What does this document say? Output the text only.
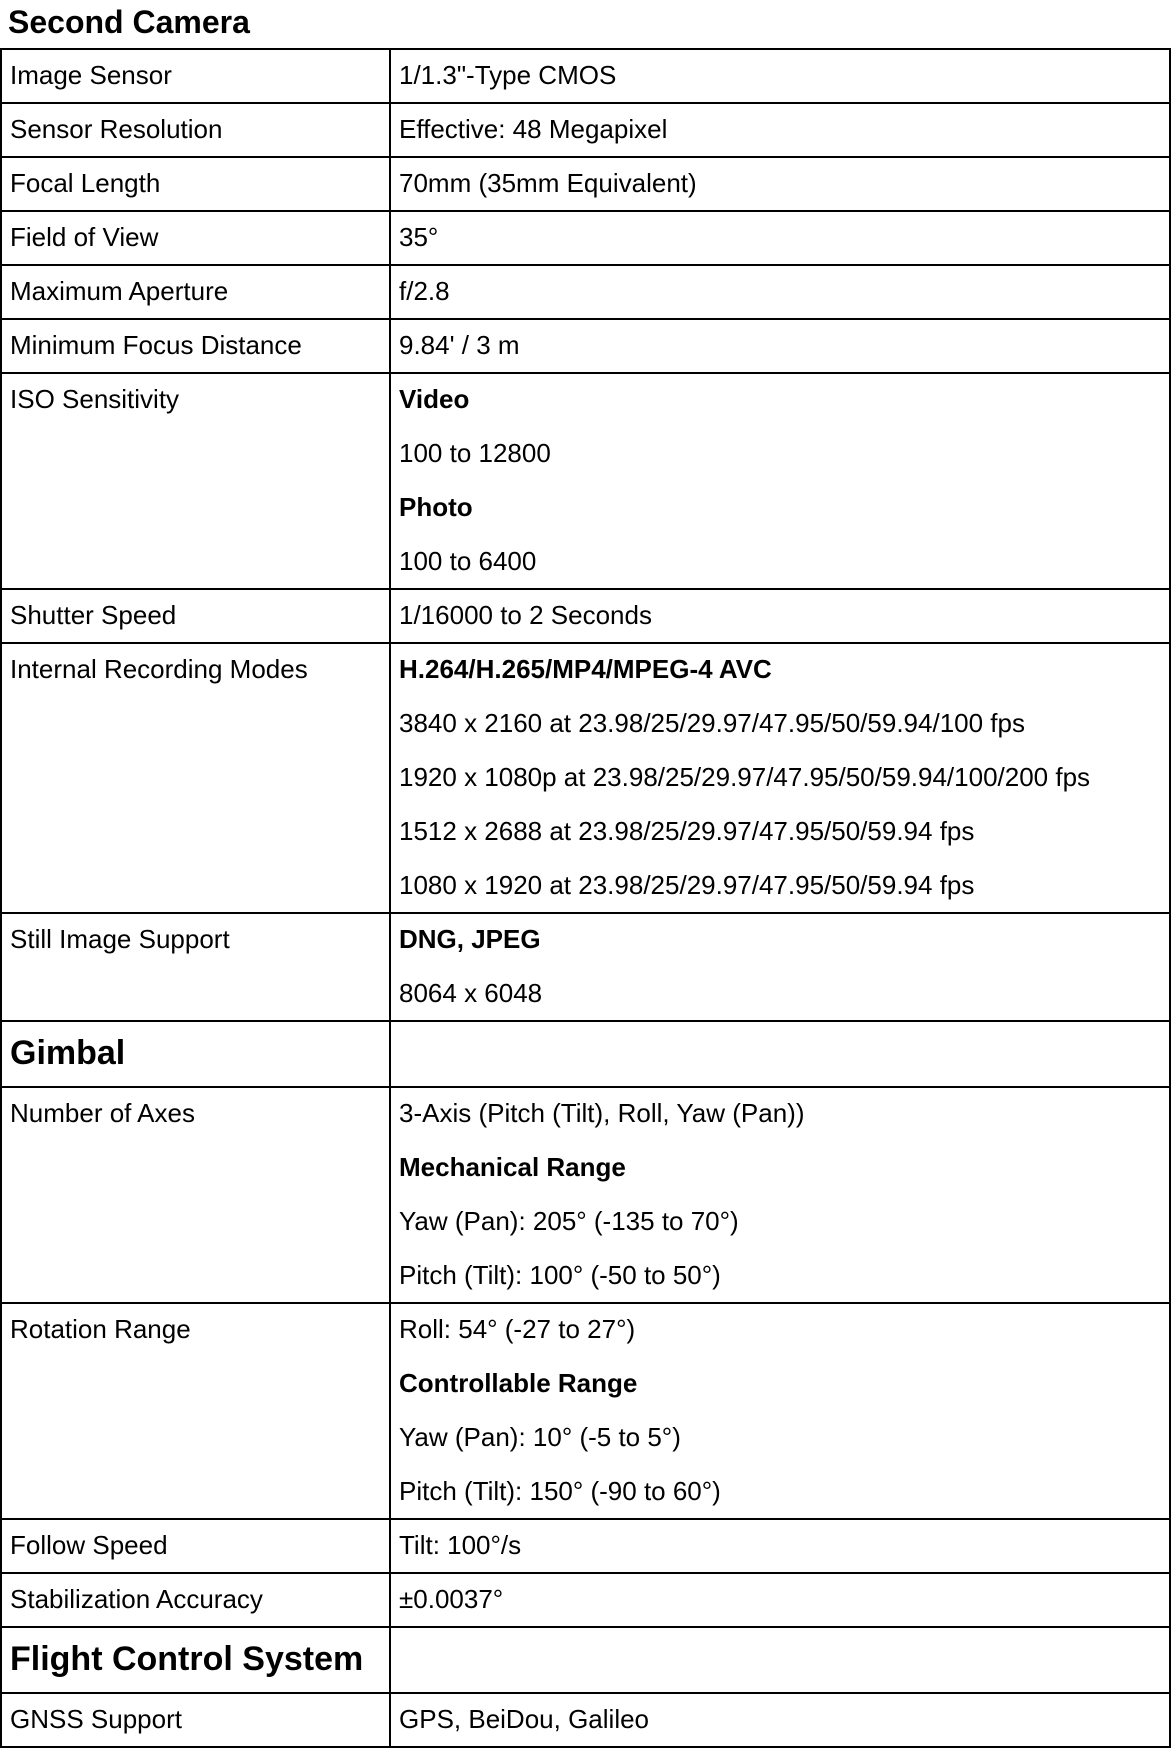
Second Camera
Image Sensor	1/1.3"-Type CMOS

Sensor Resolution	Effective: 48 Megapixel

Focal Length	70mm (35mm Equivalent)

Field of View	35°

Maximum Aperture	f/2.8

Minimum Focus Distance	9.84' / 3 m

ISO Sensitivity	Video
100 to 12800
Photo
100 to 6400

Shutter Speed	1/16000 to 2 Seconds

Internal Recording Modes	H.264/H.265/MP4/MPEG-4 AVC
3840 x 2160 at 23.98/25/29.97/47.95/50/59.94/100 fps
1920 x 1080p at 23.98/25/29.97/47.95/50/59.94/100/200 fps
1512 x 2688 at 23.98/25/29.97/47.95/50/59.94 fps
1080 x 1920 at 23.98/25/29.97/47.95/50/59.94 fps

Still Image Support	DNG, JPEG
8064 x 6048

Gimbal	
Number of Axes	3-Axis (Pitch (Tilt), Roll, Yaw (Pan))
Mechanical Range
Yaw (Pan): 205° (-135 to 70°)
Pitch (Tilt): 100° (-50 to 50°)

Rotation Range	Roll: 54° (-27 to 27°)
Controllable Range
Yaw (Pan): 10° (-5 to 5°)
Pitch (Tilt): 150° (-90 to 60°)

Follow Speed	Tilt: 100°/s

Stabilization Accuracy	±0.0037°

Flight Control System	
GNSS Support	GPS, BeiDou, Galileo
